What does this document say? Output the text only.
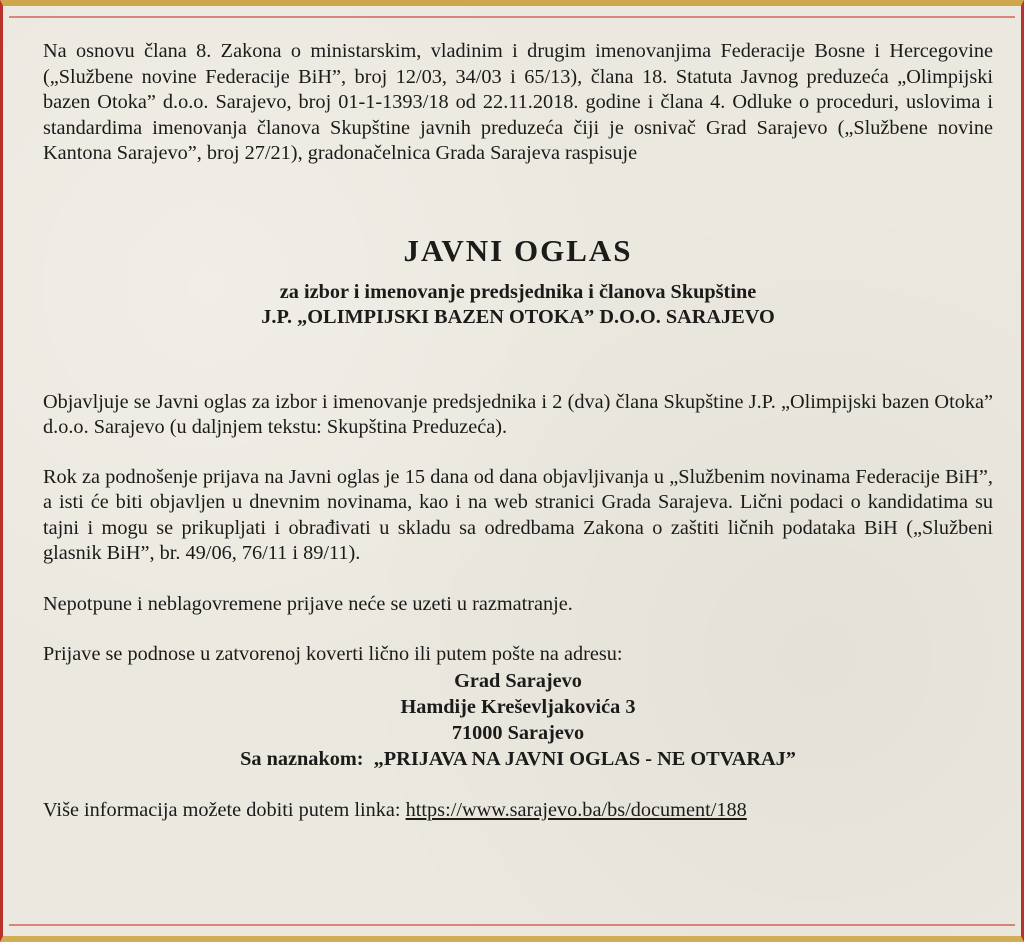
Na osnovu člana 8. Zakona o ministarskim, vladinim i drugim imenovanjima Federacije Bosne i Hercegovine („Službene novine Federacije BiH”, broj 12/03, 34/03 i 65/13), člana 18. Statuta Javnog preduzeća „Olimpijski bazen Otoka” d.o.o. Sarajevo, broj 01-1-1393/18 od 22.11.2018. godine i člana 4. Odluke o proceduri, uslovima i standardima imenovanja članova Skupštine javnih preduzeća čiji je osnivač Grad Sarajevo („Službene novine Kantona Sarajevo”, broj 27/21), gradonačelnica Grada Sarajeva raspisuje

JAVNI OGLAS
za izbor i imenovanje predsjednika i članova Skupštine
J.P. „OLIMPIJSKI BAZEN OTOKA” D.O.O. SARAJEVO

Objavljuje se Javni oglas za izbor i imenovanje predsjednika i 2 (dva) člana Skupštine J.P. „Olimpijski bazen Otoka” d.o.o. Sarajevo (u daljnjem tekstu: Skupština Preduzeća).

Rok za podnošenje prijava na Javni oglas je 15 dana od dana objavljivanja u „Službenim novinama Federacije BiH”, a isti će biti objavljen u dnevnim novinama, kao i na web stranici Grada Sarajeva. Lični podaci o kandidatima su tajni i mogu se prikupljati i obrađivati u skladu sa odredbama Zakona o zaštiti ličnih podataka BiH („Službeni glasnik BiH”, br. 49/06, 76/11 i 89/11).

Nepotpune i neblagovremene prijave neće se uzeti u razmatranje.

Prijave se podnose u zatvorenoj koverti lično ili putem pošte na adresu:

Grad Sarajevo
Hamdije Kreševljakovića 3
71000 Sarajevo
Sa naznakom:  „PRIJAVA NA JAVNI OGLAS - NE OTVARAJ”

Više informacija možete dobiti putem linka: https://www.sarajevo.ba/bs/document/188
